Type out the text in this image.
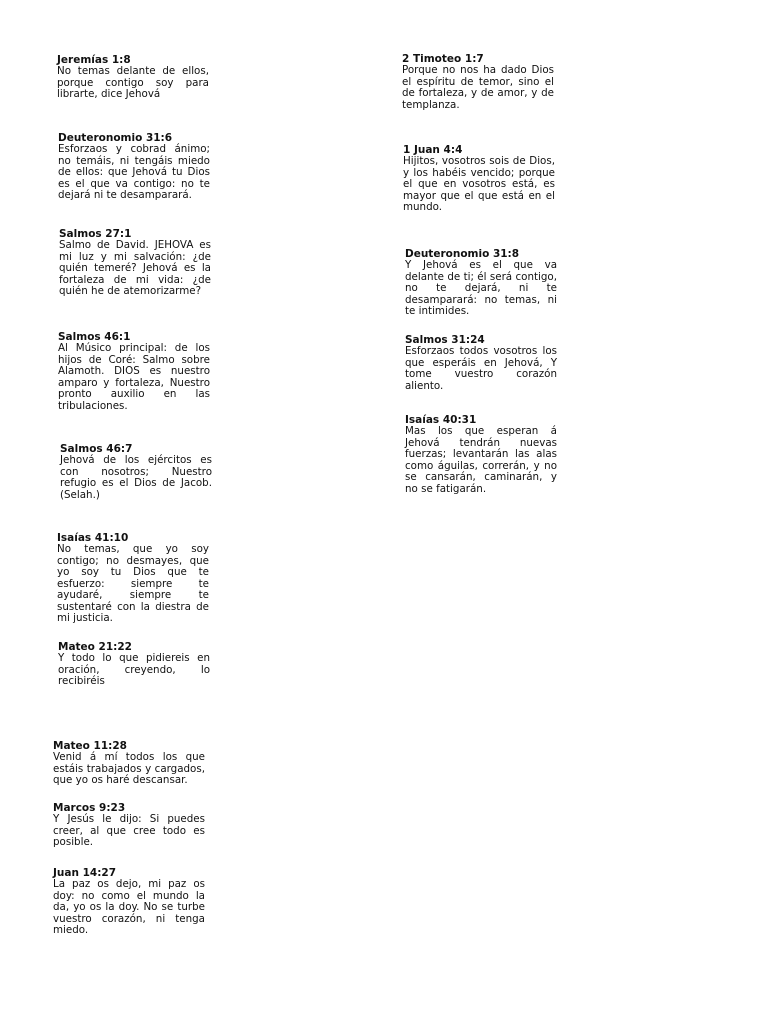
Jeremías 1:8

No temas delante de ellos, porque contigo soy para librarte, dice Jehová

Deuteronomio 31:6

Esforzaos y cobrad ánimo; no temáis, ni tengáis miedo de ellos: que Jehová tu Dios es el que va contigo: no te dejará ni te desamparará.

Salmos 27:1

Salmo de David. JEHOVA es mi luz y mi salvación: ¿de quién temeré? Jehová es la fortaleza de mi vida: ¿de quién he de atemorizarme?

Salmos 46:1

Al Músico principal: de los hijos de Coré: Salmo sobre Alamoth. DIOS es nuestro amparo y fortaleza, Nuestro pronto auxilio en las tribulaciones.

Salmos 46:7

Jehová de los ejércitos es con nosotros; Nuestro refugio es el Dios de Jacob. (Selah.)

Isaías 41:10

No temas, que yo soy contigo; no desmayes, que yo soy tu Dios que te esfuerzo: siempre te ayudaré, siempre te sustentaré con la diestra de mi justicia.

Mateo 21:22

Y todo lo que pidiereis en oración, creyendo, lo recibiréis

Mateo 11:28

Venid á mí todos los que estáis trabajados y cargados, que yo os haré descansar.

Marcos 9:23

Y Jesús le dijo: Si puedes creer, al que cree todo es posible.

Juan 14:27

La paz os dejo, mi paz os doy: no como el mundo la da, yo os la doy. No se turbe vuestro corazón, ni tenga miedo.

2 Timoteo 1:7

Porque no nos ha dado Dios el espíritu de temor, sino el de fortaleza, y de amor, y de templanza.

1 Juan 4:4

Hijitos, vosotros sois de Dios, y los habéis vencido; porque el que en vosotros está, es mayor que el que está en el mundo.

Deuteronomio 31:8

Y Jehová es el que va delante de ti; él será contigo, no te dejará, ni te desamparará: no temas, ni te intimides.

Salmos 31:24

Esforzaos todos vosotros los que esperáis en Jehová, Y tome vuestro corazón aliento.

Isaías 40:31

Mas los que esperan á Jehová tendrán nuevas fuerzas; levantarán las alas como águilas, correrán, y no se cansarán, caminarán, y no se fatigarán.
